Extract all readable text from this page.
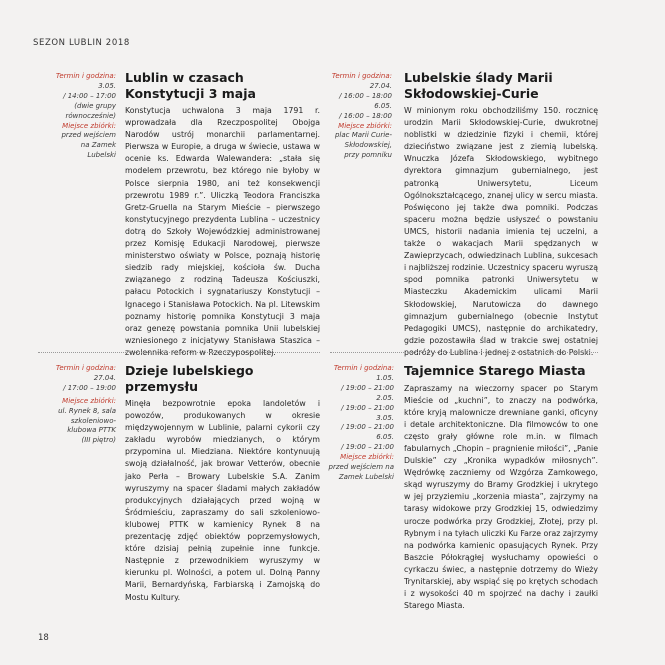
SEZON LUBLIN 2018
Termin i godzina:
3.05.
/ 14:00 – 17:00
(dwie grupy
równocześnie)
Miejsce zbiórki:
przed wejściem
na Zamek
Lubelski
Lublin w czasach Konstytucji 3 maja

Konstytucja uchwalona 3 maja 1791 r. wprowadzała dla Rzeczpospolitej Obojga Narodów ustrój monarchii parlamentarnej. Pierwsza w Europie, a druga w świecie, ustawa w ocenie ks. Edwarda Walewandera: „stała się modelem przewrotu, bez którego nie byłoby w Polsce sierpnia 1980, ani też konsekwencji przewrotu 1989 r.”. Uliczką Teodora Franciszka Gretz-Gruella na Starym Mieście – pierwszego konstytucyjnego prezydenta Lublina – uczestnicy dotrą do Szkoły Wojewódzkiej administrowanej przez Komisję Edukacji Narodowej, pierwsze ministerstwo oświaty w Polsce, poznają historię siedzib rady miejskiej, kościoła św. Ducha związanego z rodziną Tadeusza Kościuszki, pałacu Potockich i sygnatariuszy Konstytucji – Ignacego i Stanisława Potockich. Na pl. Litewskim poznamy historię pomnika Konstytucji 3 maja oraz genezę powstania pomnika Unii lubelskiej wzniesionego z inicjatywy Stanisława Staszica – zwolennika reform w Rzeczypospolitej.

Termin i godzina:
27.04.
/ 16:00 – 18:00
6.05.
/ 16:00 – 18:00
Miejsce zbiórki:
plac Marii Curie-
Skłodowskiej,
przy pomniku
Lubelskie ślady Marii Skłodowskiej-Curie

W minionym roku obchodziliśmy 150. rocznicę urodzin Marii Skłodowskiej-Curie, dwukrotnej noblistki w dziedzinie fizyki i chemii, której dzieciństwo związane jest z ziemią lubelską. Wnuczka Józefa Skłodowskiego, wybitnego dyrektora gimnazjum gubernialnego, jest patronką Uniwersytetu, Liceum Ogólnokształcącego, znanej ulicy w sercu miasta. Poświęcono jej także dwa pomniki. Podczas spaceru można będzie usłyszeć o powstaniu UMCS, historii nadania imienia tej uczelni, a także o wakacjach Marii spędzanych w Zawieprzycach, odwiedzinach Lublina, sukcesach i najbliższej rodzinie. Uczestnicy spaceru wyruszą spod pomnika patronki Uniwersytetu w Miasteczku Akademickim ulicami Marii Skłodowskiej, Narutowicza do dawnego gimnazjum gubernialnego (obecnie Instytut Pedagogiki UMCS), następnie do archikatedry, gdzie pozostawiła ślad w trakcie swej ostatniej podróży do Lublina i jednej z ostatnich do Polski.

Termin i godzina:
27.04.
/ 17:00 – 19:00
Miejsce zbiórki:
ul. Rynek 8, sala
szkoleniowo-
klubowa PTTK
(III piętro)
Dzieje lubelskiego przemysłu

Minęła bezpowrotnie epoka landoletów i powozów, produkowanych w okresie międzywojennym w Lublinie, palarni cykorii czy zakładu wyrobów miedzianych, o którym przypomina ul. Miedziana. Niektóre kontynuują swoją działalność, jak browar Vetterów, obecnie jako Perła – Browary Lubelskie S.A. Zanim wyruszymy na spacer śladami małych zakładów produkcyjnych działających przed wojną w Śródmieściu, zapraszamy do sali szkoleniowo-klubowej PTTK w kamienicy Rynek 8 na prezentację zdjęć obiektów poprzemysłowych, które dzisiaj pełnią zupełnie inne funkcje. Następnie z przewodnikiem wyruszymy w kierunku pl. Wolności, a potem ul. Dolną Panny Marii, Bernardyńską, Farbiarską i Zamojską do Mostu Kultury.

Termin i godzina:
1.05.
/ 19:00 – 21:00
2.05.
/ 19:00 – 21:00
3.05.
/ 19:00 – 21:00
6.05.
/ 19:00 – 21:00
Miejsce zbiórki:
przed wejściem na
Zamek Lubelski
Tajemnice Starego Miasta

Zapraszamy na wieczorny spacer po Starym Mieście od „kuchni”, to znaczy na podwórka, które kryją malownicze drewniane ganki, oficyny i detale architektoniczne. Dla filmowców to one często grały główne role m.in. w filmach fabularnych „Chopin – pragnienie miłości”, „Panie Dulskie” czy „Kronika wypadków miłosnych”. Wędrówkę zaczniemy od Wzgórza Zamkowego, skąd wyruszymy do Bramy Grodzkiej i ukrytego w jej przyziemiu „korzenia miasta”, zajrzymy na tarasy widokowe przy Grodzkiej 15, odwiedzimy urocze podwórka przy Grodzkiej, Złotej, przy pl. Rybnym i na tyłach uliczki Ku Farze oraz zajrzymy na podwórka kamienic opasujących Rynek. Przy Baszcie Półokrągłej wysłuchamy opowieści o cyrkaczu świec, a następnie dotrzemy do Wieży Trynitarskiej, aby wspiąć się po krętych schodach i z wysokości 40 m spojrzeć na dachy i zaułki Starego Miasta.

18
